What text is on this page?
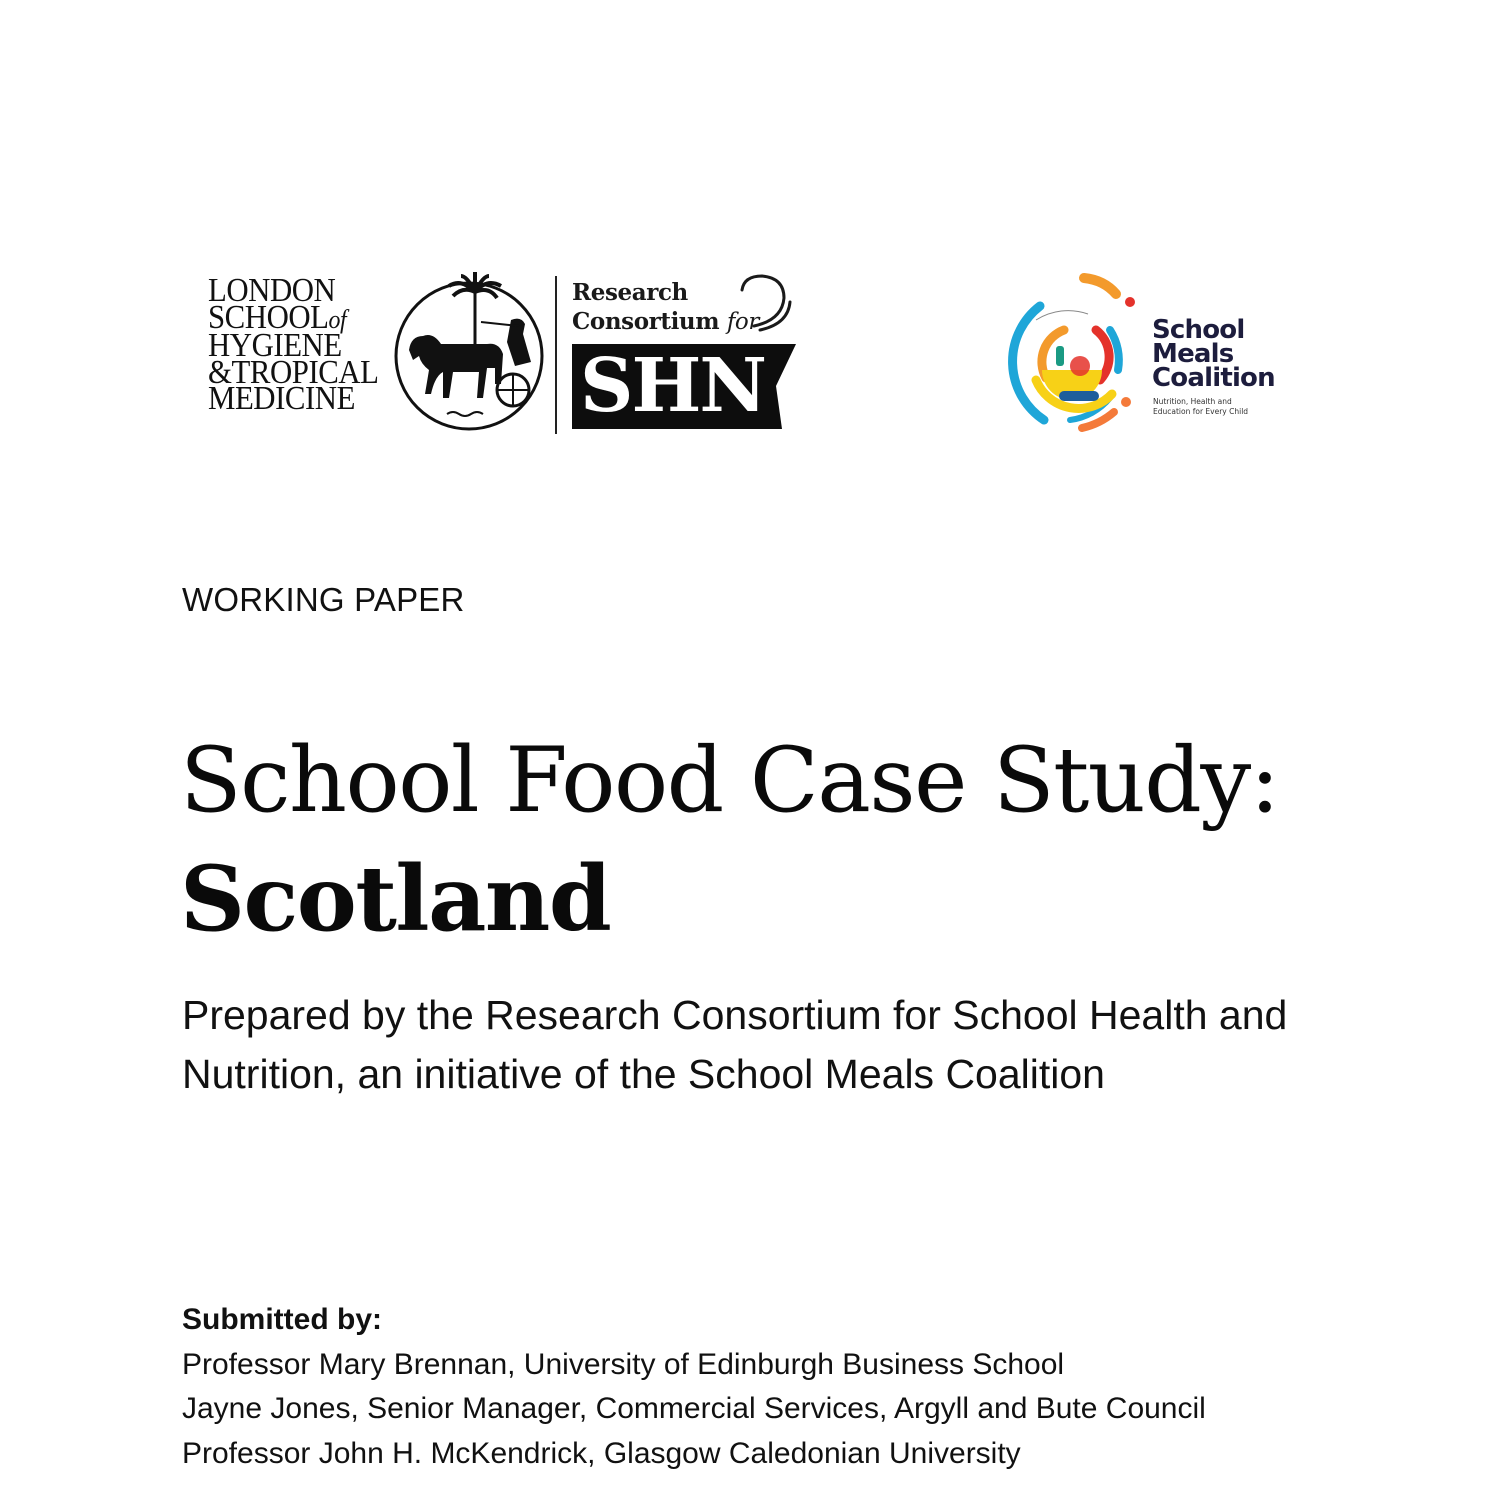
LONDON
SCHOOLof
HYGIENE
&TROPICAL
MEDICINE
Research
Consortium for
SHN
School
Meals
Coalition
Nutrition, Health and
Education for Every Child
WORKING PAPER
School Food Case Study:
Scotland

Prepared by the Research Consortium for School Health and Nutrition, an initiative of the School Meals Coalition

Submitted by:
Professor Mary Brennan, University of Edinburgh Business School
Jayne Jones, Senior Manager, Commercial Services, Argyll and Bute Council
Professor John H. McKendrick, Glasgow Caledonian University
